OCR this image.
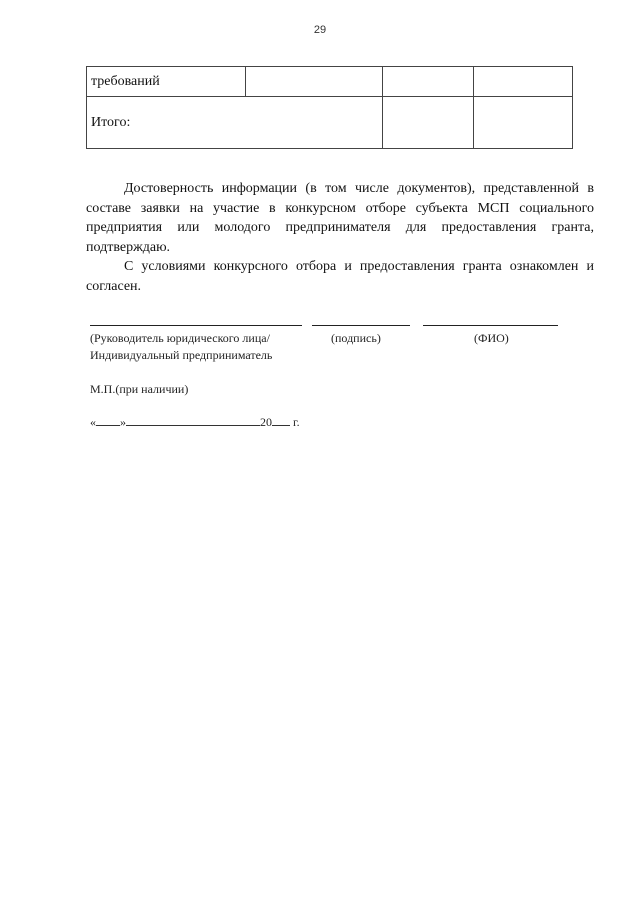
29
требований			
Итого:			

Достоверность информации (в том числе документов), представленной в составе заявки на участие в конкурсном отборе субъекта МСП социального предприятия или молодого предпринимателя для предоставления гранта, подтверждаю.

С условиями конкурсного отбора и предоставления гранта ознакомлен и согласен.

(Руководитель юридического лица/
Индивидуальный предприниматель
(подпись)	(ФИО)
М.П.(при наличии)
« »	20 г.
